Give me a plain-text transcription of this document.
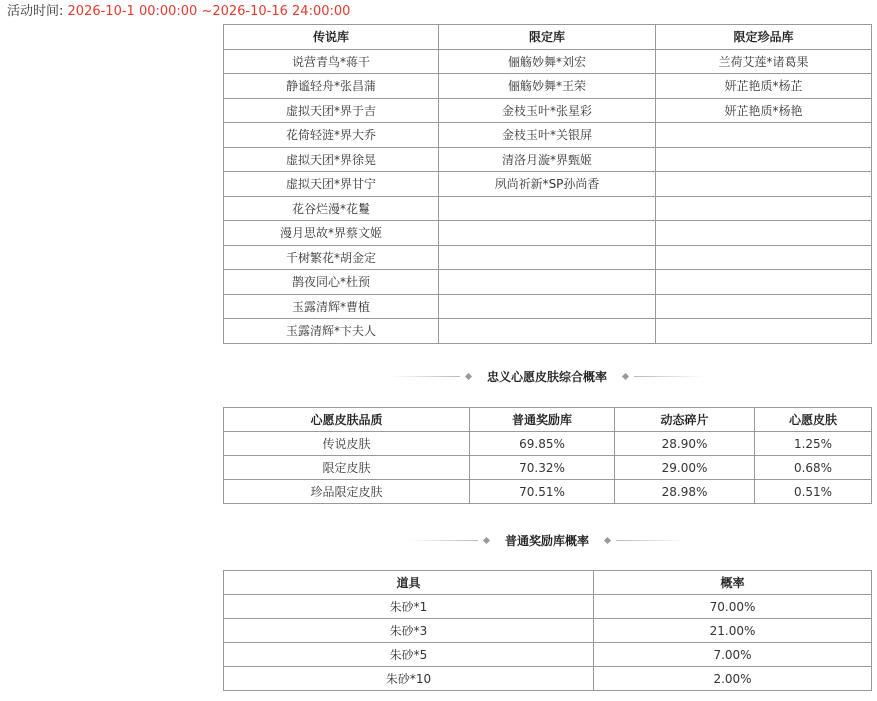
活动时间: 2026-10-1 00:00:00 ~2026-10-16 24:00:00
传说库	限定库	限定珍品库
说营青鸟*蒋干	俪觞妙舞*刘宏	兰荷艾莲*诸葛果
静谧轻舟*张昌蒲	俪觞妙舞*王荣	妍芷艳质*杨芷
虚拟天团*界于吉	金枝玉叶*张星彩	妍芷艳质*杨艳
花倚轻涟*界大乔	金枝玉叶*关银屏	
虚拟天团*界徐晃	清洛月漩*界甄姬	
虚拟天团*界甘宁	夙尚祈新*SP孙尚香	
花谷烂漫*花鬘		
漫月思故*界蔡文姬		
千树繁花*胡金定		
鹊夜同心*杜预		
玉露清辉*曹植		
玉露清辉*卞夫人		
忠义心愿皮肤综合概率
心愿皮肤品质	普通奖励库	动态碎片	心愿皮肤
传说皮肤	69.85%	28.90%	1.25%
限定皮肤	70.32%	29.00%	0.68%
珍品限定皮肤	70.51%	28.98%	0.51%
普通奖励库概率
道具	概率
朱砂*1	70.00%
朱砂*3	21.00%
朱砂*5	7.00%
朱砂*10	2.00%
